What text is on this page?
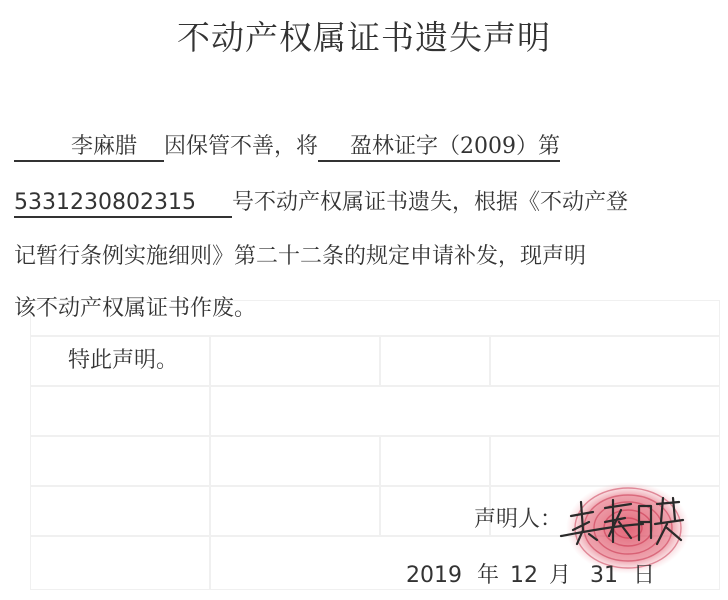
不动产权属证书遗失声明
李麻腊 因保管不善，将 盈林证字（2009）第
5331230802315 号不动产权属证书遗失，根据《不动产登
记暂行条例实施细则》第二十二条的规定申请补发，现声明
该不动产权属证书作废。
特此声明。
声明人：
2019 年 12 月 31 日
